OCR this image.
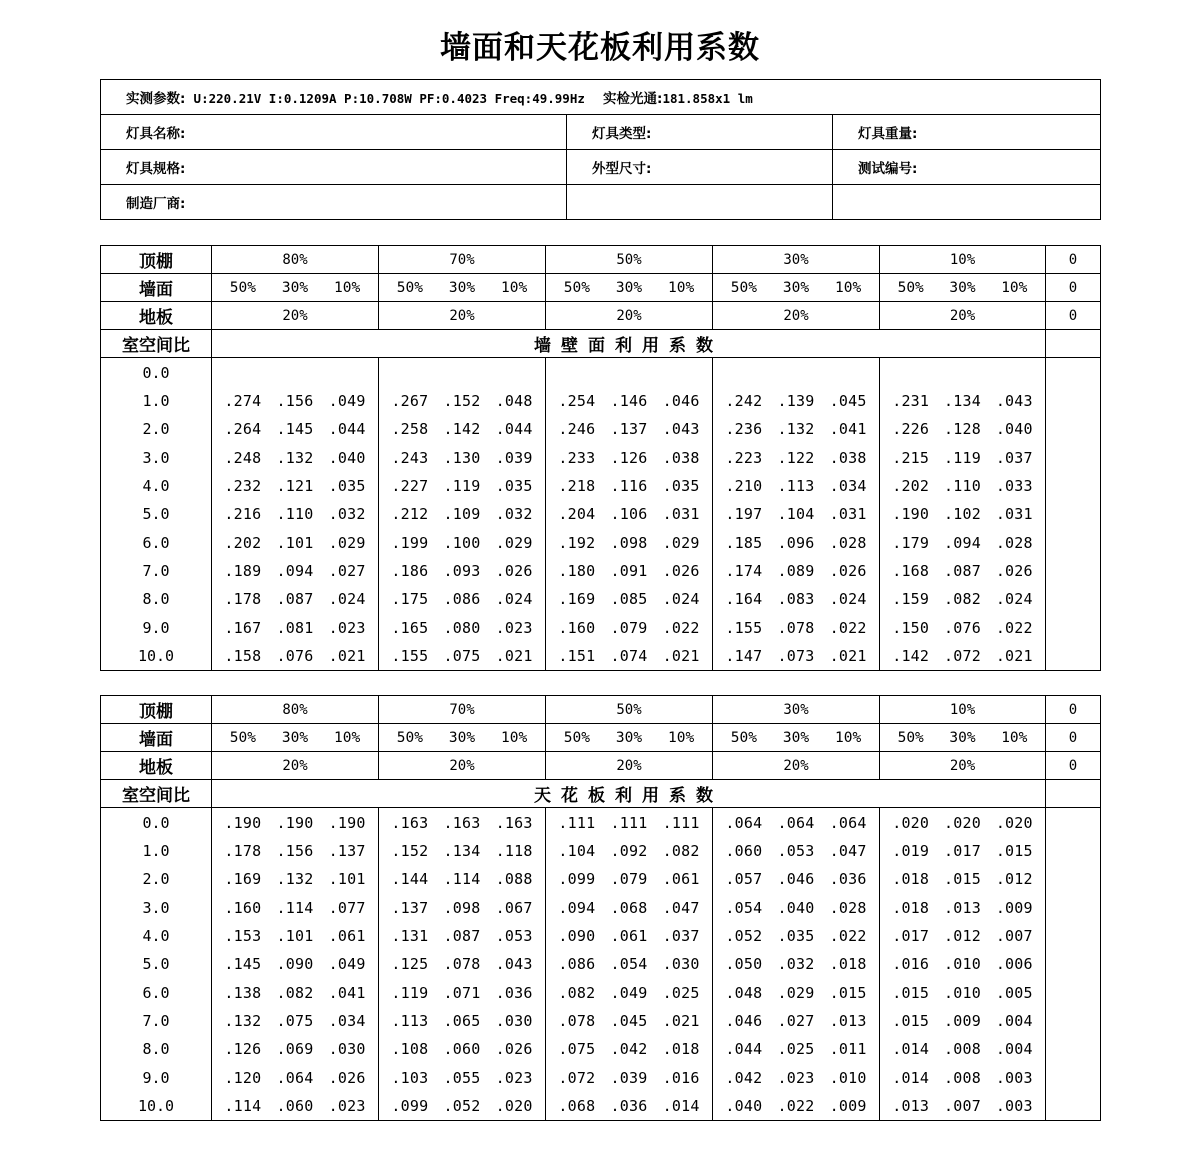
墙面和天花板利用系数
实测参数: U:220.21V I:0.1209A P:10.708W PF:0.4023 Freq:49.99Hz 实检光通:181.858x1 lm		
灯具名称:	灯具类型:	灯具重量:
灯具规格:	外型尺寸:	测试编号:
制造厂商:		
顶棚	80%	70%	50%	30%	10%	0
墙面	50% 30% 10%	50% 30% 10%	50% 30% 10%	50% 30% 10%	50% 30% 10%	0
地板	20%	20%	20%	20%	20%	0
室空间比	墙壁面利用系数					
0.0						
1.0	.274 .156 .049	.267 .152 .048	.254 .146 .046	.242 .139 .045	.231 .134 .043	
2.0	.264 .145 .044	.258 .142 .044	.246 .137 .043	.236 .132 .041	.226 .128 .040	
3.0	.248 .132 .040	.243 .130 .039	.233 .126 .038	.223 .122 .038	.215 .119 .037	
4.0	.232 .121 .035	.227 .119 .035	.218 .116 .035	.210 .113 .034	.202 .110 .033	
5.0	.216 .110 .032	.212 .109 .032	.204 .106 .031	.197 .104 .031	.190 .102 .031	
6.0	.202 .101 .029	.199 .100 .029	.192 .098 .029	.185 .096 .028	.179 .094 .028	
7.0	.189 .094 .027	.186 .093 .026	.180 .091 .026	.174 .089 .026	.168 .087 .026	
8.0	.178 .087 .024	.175 .086 .024	.169 .085 .024	.164 .083 .024	.159 .082 .024	
9.0	.167 .081 .023	.165 .080 .023	.160 .079 .022	.155 .078 .022	.150 .076 .022	
10.0	.158 .076 .021	.155 .075 .021	.151 .074 .021	.147 .073 .021	.142 .072 .021	
顶棚	80%	70%	50%	30%	10%	0
墙面	50% 30% 10%	50% 30% 10%	50% 30% 10%	50% 30% 10%	50% 30% 10%	0
地板	20%	20%	20%	20%	20%	0
室空间比	天花板利用系数					
0.0	.190 .190 .190	.163 .163 .163	.111 .111 .111	.064 .064 .064	.020 .020 .020	
1.0	.178 .156 .137	.152 .134 .118	.104 .092 .082	.060 .053 .047	.019 .017 .015	
2.0	.169 .132 .101	.144 .114 .088	.099 .079 .061	.057 .046 .036	.018 .015 .012	
3.0	.160 .114 .077	.137 .098 .067	.094 .068 .047	.054 .040 .028	.018 .013 .009	
4.0	.153 .101 .061	.131 .087 .053	.090 .061 .037	.052 .035 .022	.017 .012 .007	
5.0	.145 .090 .049	.125 .078 .043	.086 .054 .030	.050 .032 .018	.016 .010 .006	
6.0	.138 .082 .041	.119 .071 .036	.082 .049 .025	.048 .029 .015	.015 .010 .005	
7.0	.132 .075 .034	.113 .065 .030	.078 .045 .021	.046 .027 .013	.015 .009 .004	
8.0	.126 .069 .030	.108 .060 .026	.075 .042 .018	.044 .025 .011	.014 .008 .004	
9.0	.120 .064 .026	.103 .055 .023	.072 .039 .016	.042 .023 .010	.014 .008 .003	
10.0	.114 .060 .023	.099 .052 .020	.068 .036 .014	.040 .022 .009	.013 .007 .003	
